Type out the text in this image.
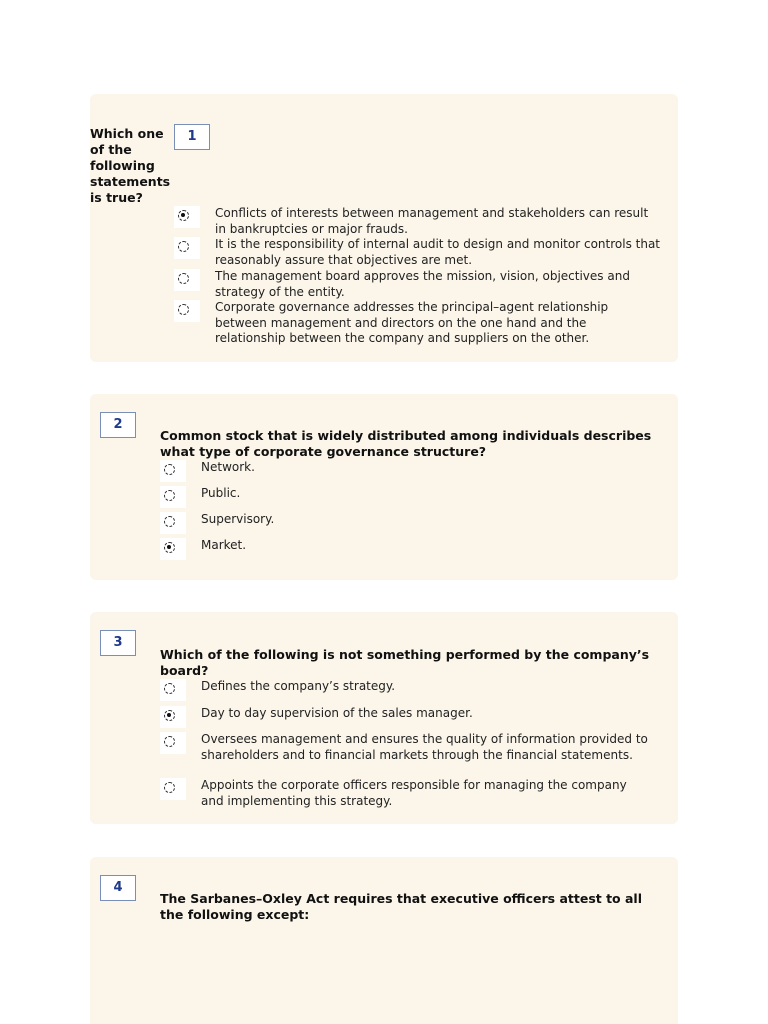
Which one of the following statements is true?
1
Conflicts of interests between management and stakeholders can result in bankruptcies or major frauds.
It is the responsibility of internal audit to design and monitor controls that reasonably assure that objectives are met.
The management board approves the mission, vision, objectives and strategy of the entity.
Corporate governance addresses the principal–agent relationship between management and directors on the one hand and the relationship between the company and suppliers on the other.
2
Common stock that is widely distributed among individuals describes what type of corporate governance structure?
Network.
Public.
Supervisory.
Market.
3
Which of the following is not something performed by the company’s board?
Defines the company’s strategy.
Day to day supervision of the sales manager.
Oversees management and ensures the quality of information provided to shareholders and to financial markets through the financial statements.
Appoints the corporate officers responsible for managing the company and implementing this strategy.
4
The Sarbanes–Oxley Act requires that executive officers attest to all the following except:
